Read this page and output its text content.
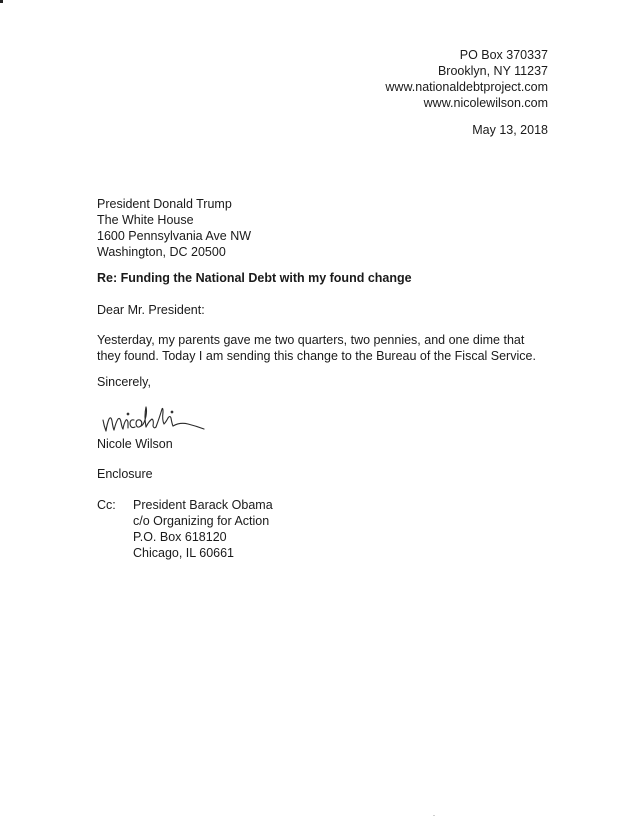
PO Box 370337
Brooklyn, NY 11237
www.nationaldebtproject.com
www.nicolewilson.com
May 13, 2018
President Donald Trump
The White House
1600 Pennsylvania Ave NW
Washington, DC 20500
Re: Funding the National Debt with my found change
Dear Mr. President:
Yesterday, my parents gave me two quarters, two pennies, and one dime that
they found. Today I am sending this change to the Bureau of the Fiscal Service.
Sincerely,
Nicole Wilson
Enclosure
Cc: President Barack Obama
c/o Organizing for Action
P.O. Box 618120
Chicago, IL 60661
